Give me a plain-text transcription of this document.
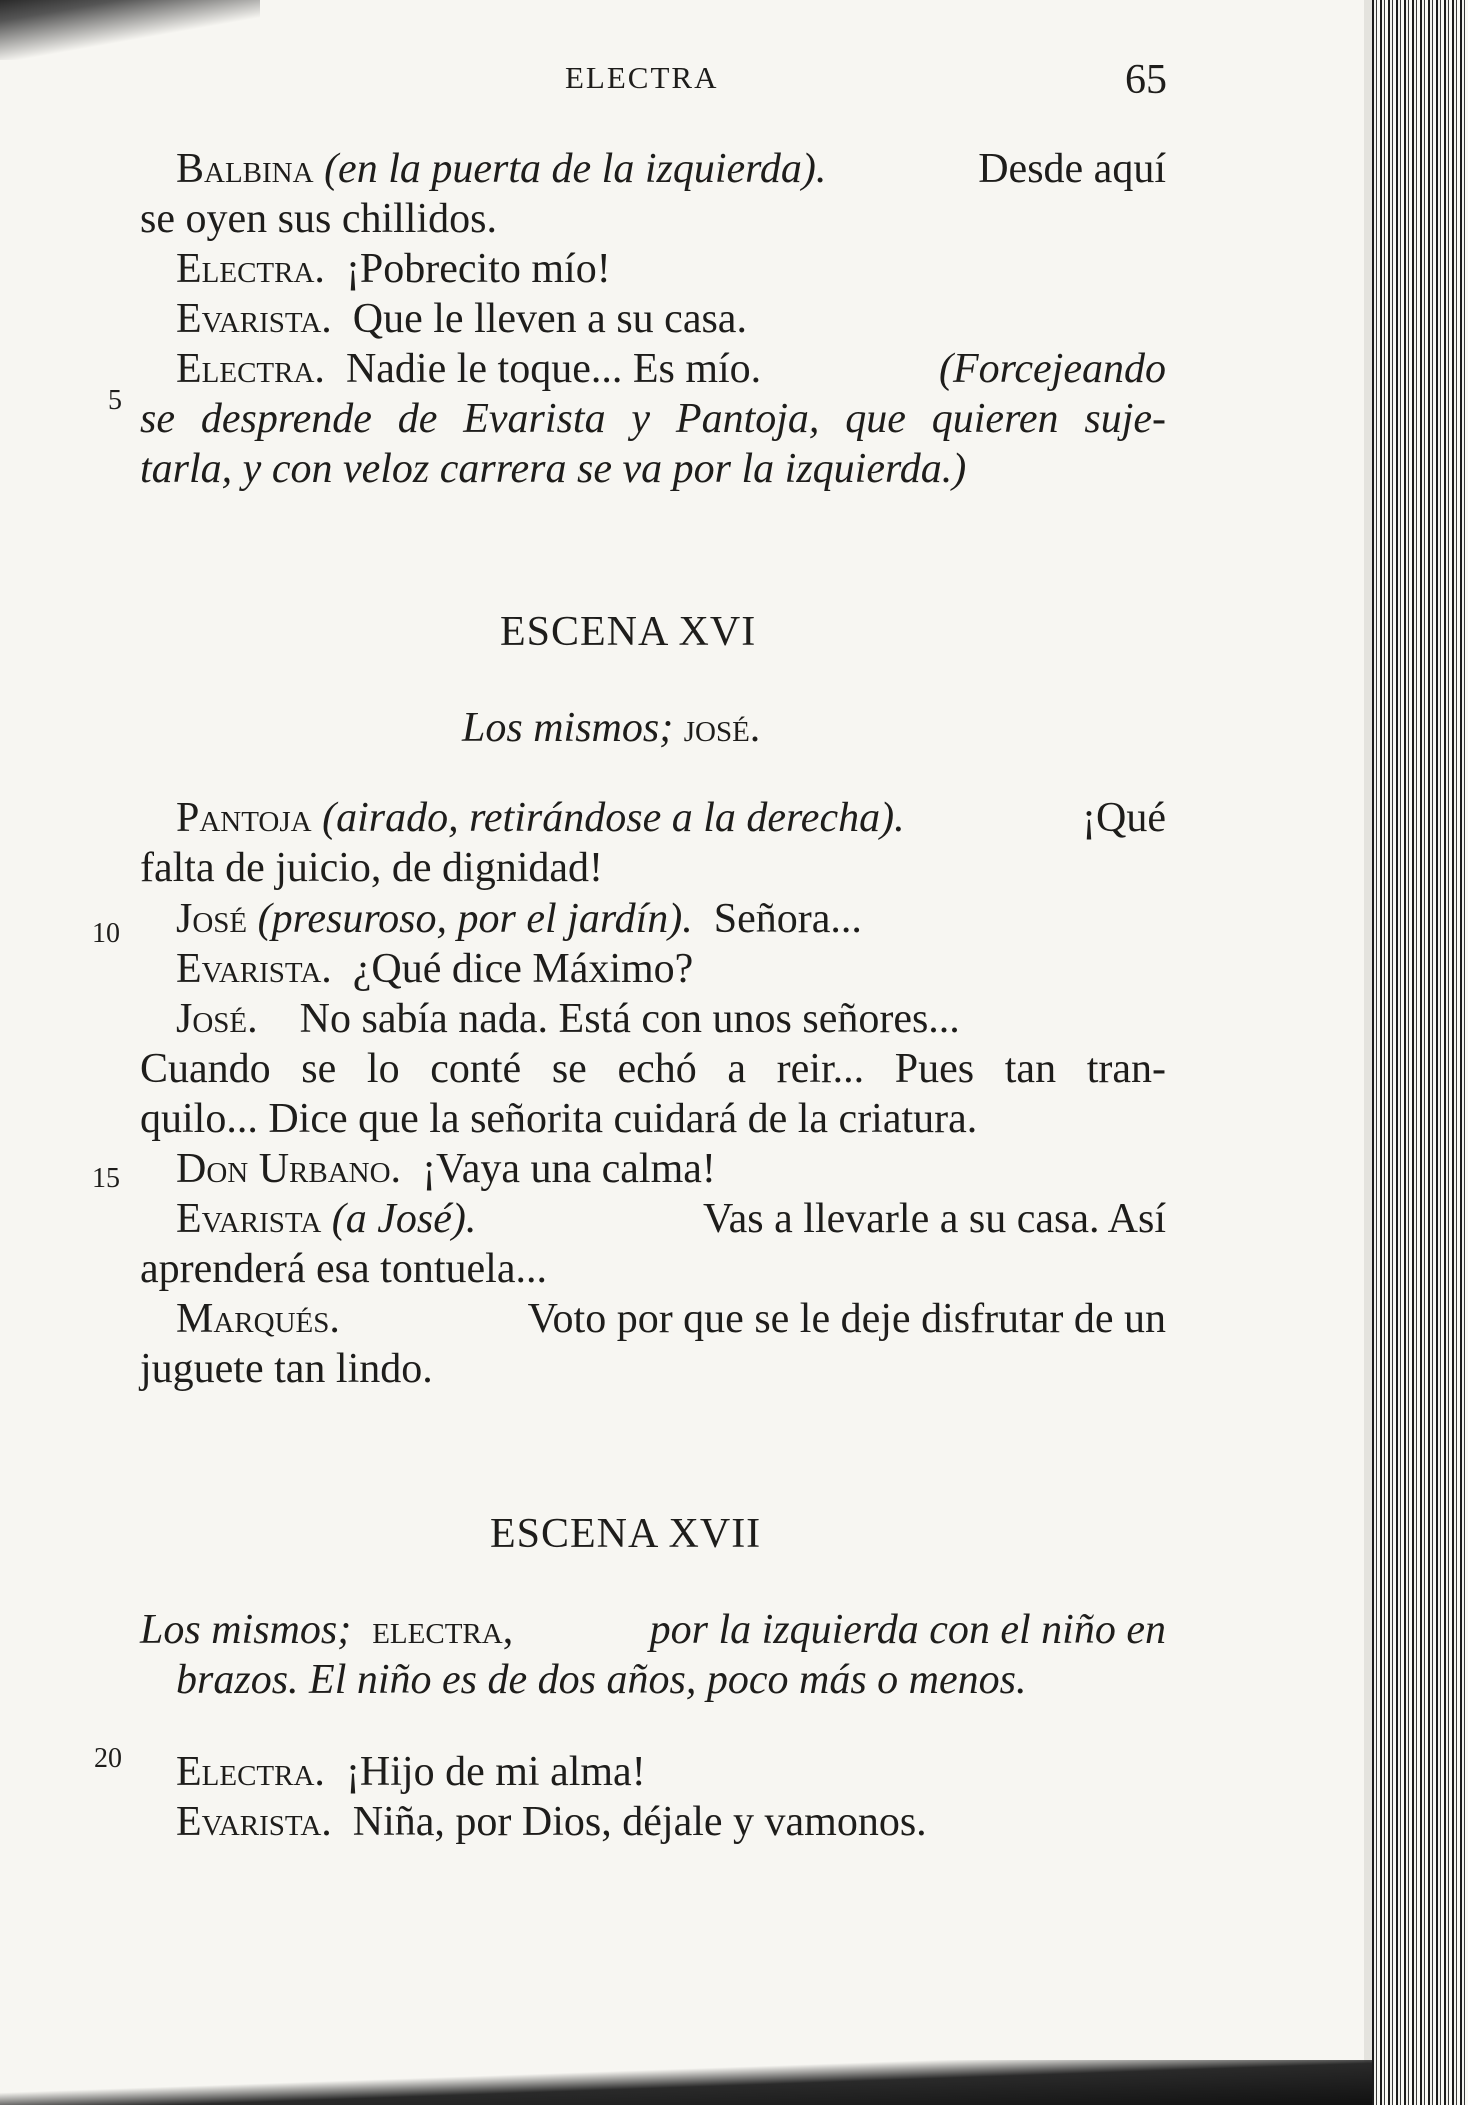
ELECTRA	65
5
10
15
20
Balbina (en la puerta de la izquierda).	Desde aquí
se oyen sus chillidos.
Electra. ¡Pobrecito mío!
Evarista. Que le lleven a su casa.
Electra. Nadie le toque... Es mío.	(Forcejeando
se desprende de Evarista y Pantoja, que quieren suje-
tarla, y con veloz carrera se va por la izquierda.)
ESCENA XVI
Los mismos; josé.
Pantoja (airado, retirándose a la derecha).	¡Qué
falta de juicio, de dignidad!
José (presuroso, por el jardín). Señora...
Evarista. ¿Qué dice Máximo?
José. No sabía nada. Está con unos señores...
Cuando se lo conté se echó a reir... Pues tan tran-
quilo... Dice que la señorita cuidará de la criatura.
Don Urbano. ¡Vaya una calma!
Evarista (a José).	Vas a llevarle a su casa. Así
aprenderá esa tontuela...
Marqués.	Voto por que se le deje disfrutar de un
juguete tan lindo.
ESCENA XVII
Los mismos; electra,	por la izquierda con el niño en
brazos. El niño es de dos años, poco más o menos.
Electra. ¡Hijo de mi alma!
Evarista. Niña, por Dios, déjale y vamonos.
